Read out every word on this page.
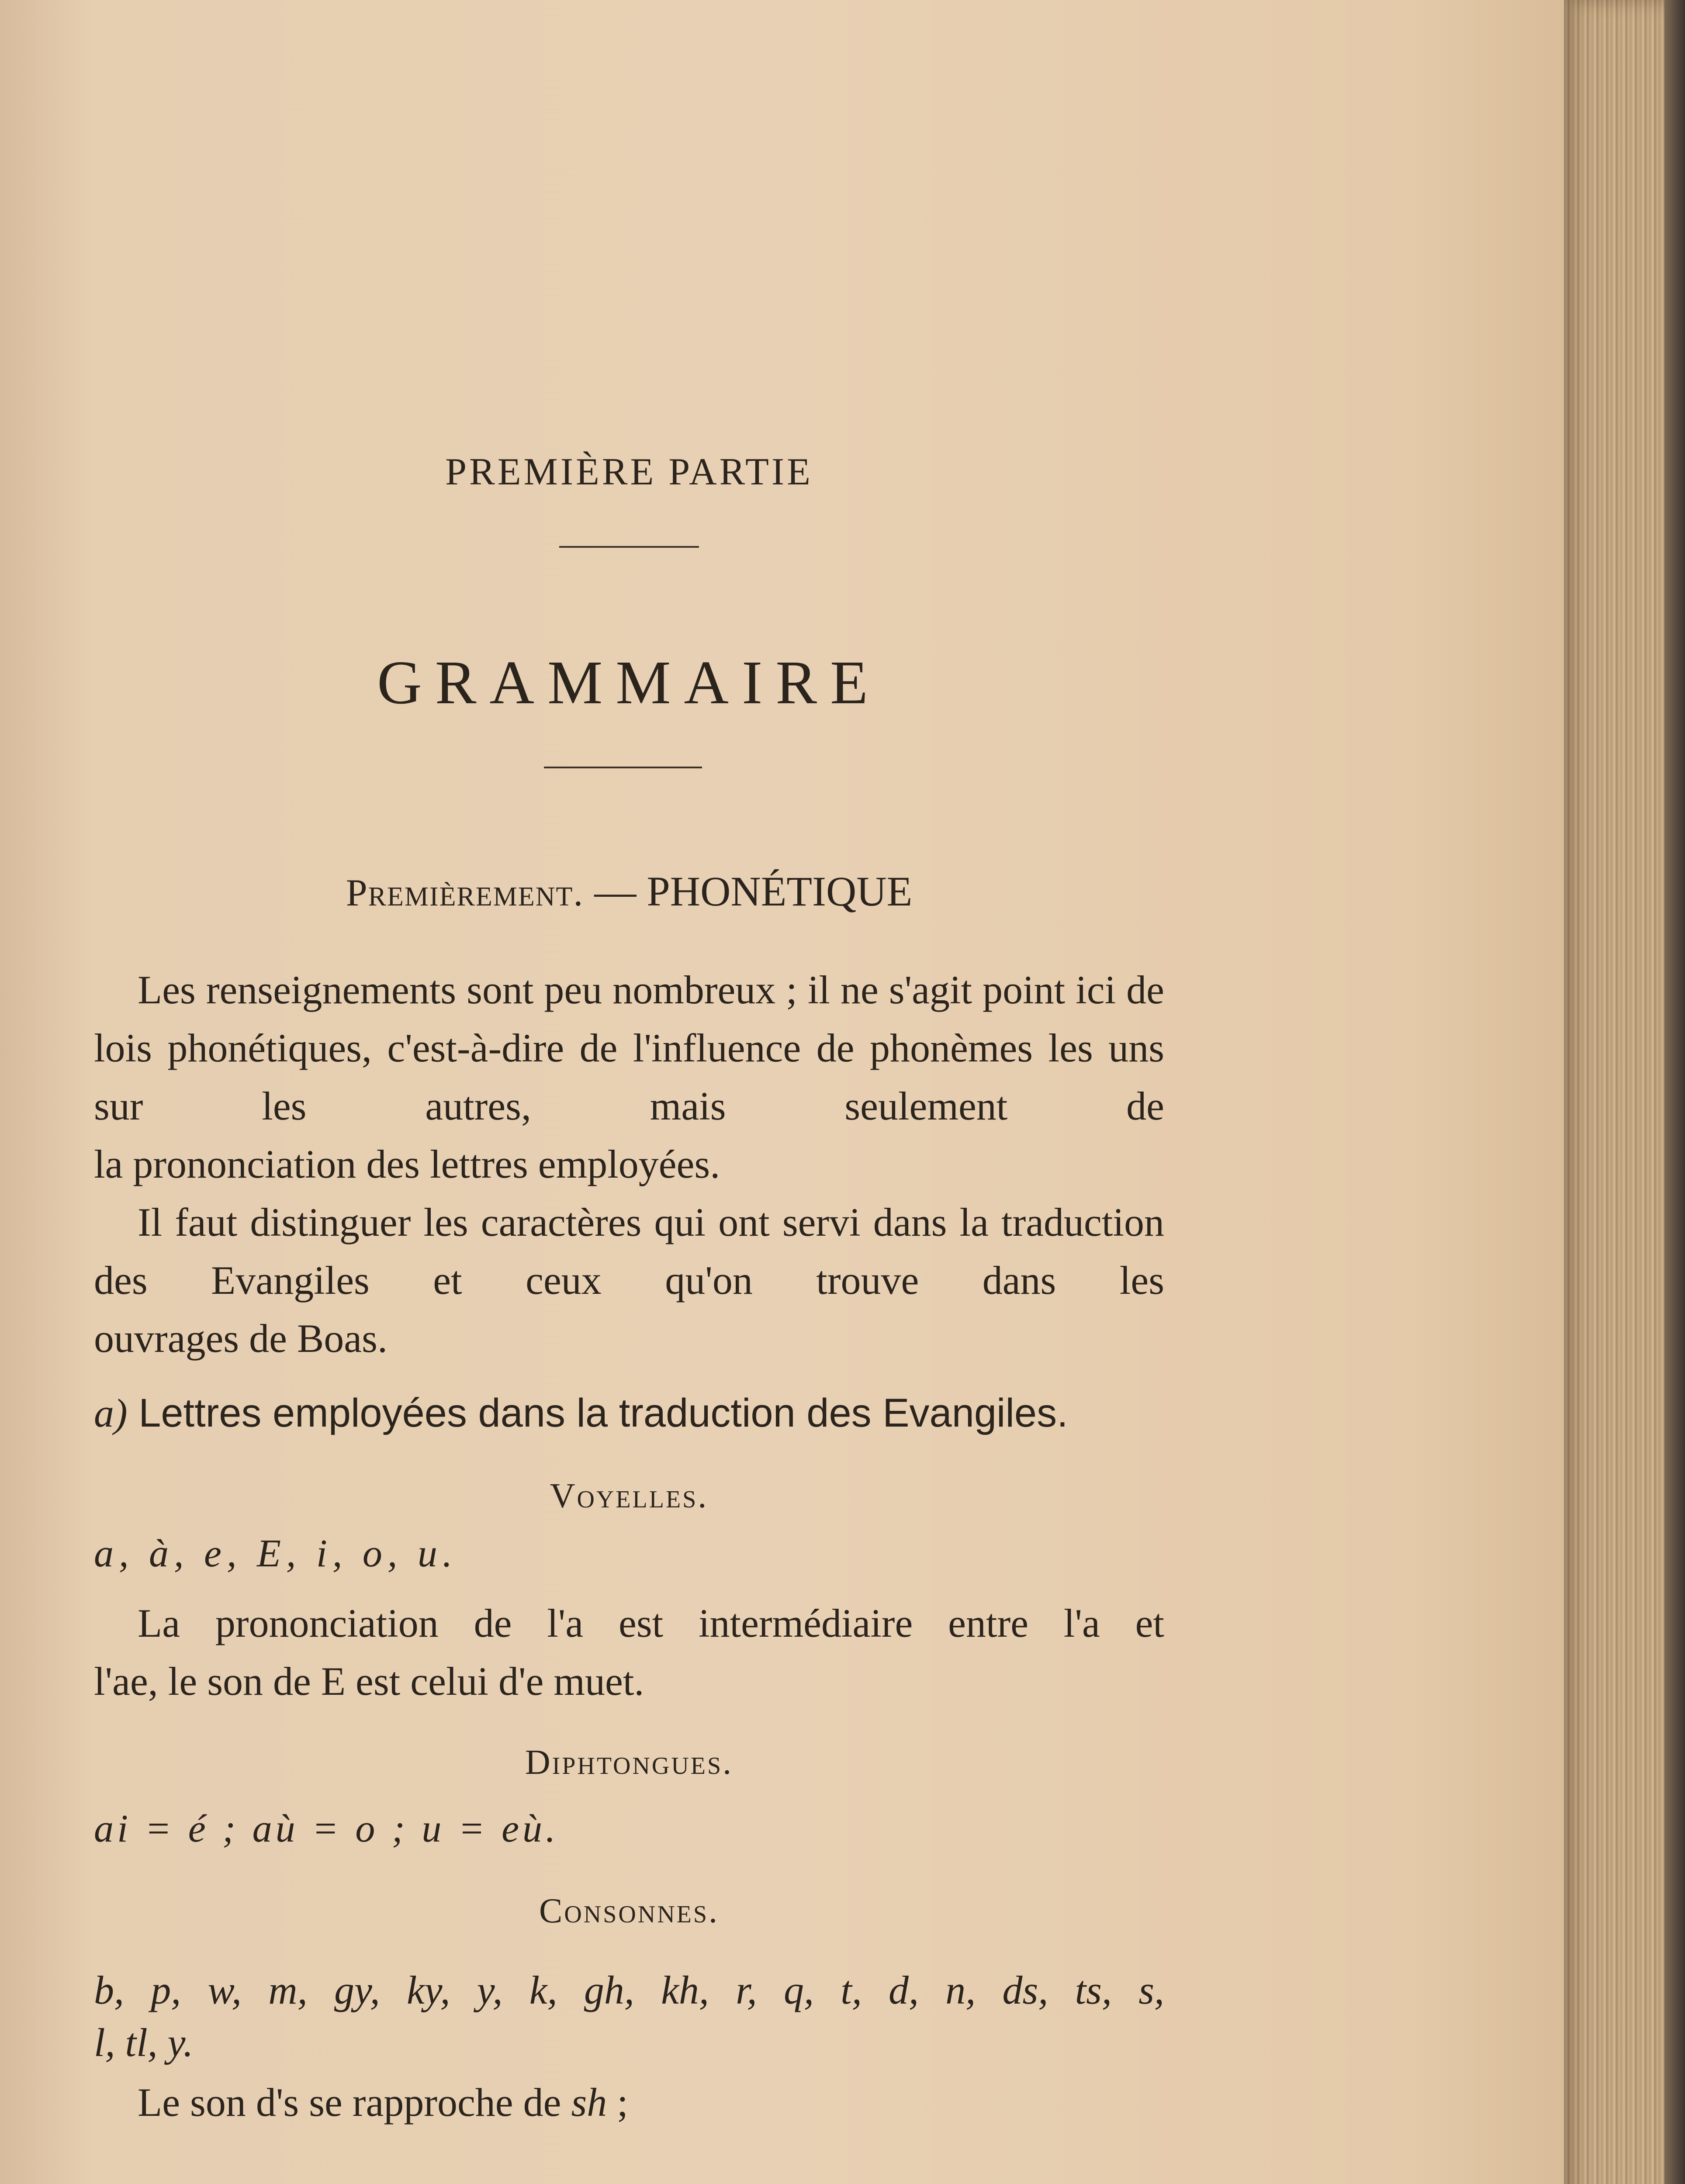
PREMIÈRE PARTIE
GRAMMAIRE
Premièrement. — PHONÉTIQUE
Les renseignements sont peu nombreux ; il ne s'agit point ici de lois phonétiques, c'est-à-dire de l'influence de phonèmes les uns sur les autres, mais seulement de
la prononciation des lettres employées.
Il faut distinguer les caractères qui ont servi dans la traduction des Evangiles et ceux qu'on trouve dans les
ouvrages de Boas.
a) Lettres employées dans la traduction des Evangiles.
Voyelles.
a, à, e, E, i, o, u.
La prononciation de l'a est intermédiaire entre l'a et
l'ae, le son de E est celui d'e muet.
Diphtongues.
ai = é ; aù = o ; u = eù.
Consonnes.
b, p, w, m, gy, ky, y, k, gh, kh, r, q, t, d, n, ds, ts, s,
l, tl, y.
Le son d's se rapproche de sh ;
